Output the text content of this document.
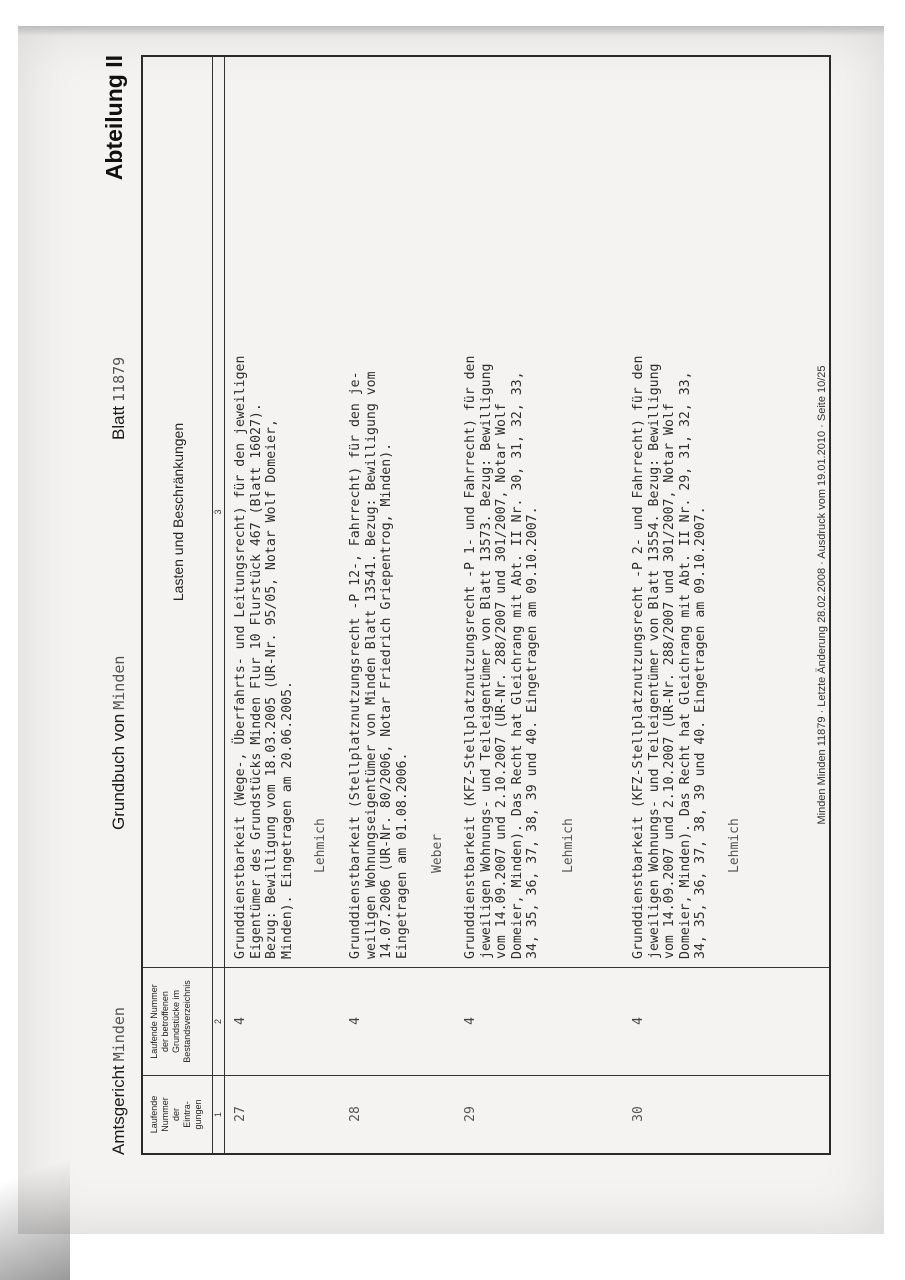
AmtsgerichtMinden
Grundbuch vonMinden
Blatt11879
Abteilung II
Laufende Nummer der Eintra- gungen
Laufende Nummer der betroffenen Grundstücke im Bestandsverzeichnis
Lasten und Beschränkungen
1
2
3
27
4
Grunddienstbarkeit (Wege-, Überfahrts- und Leitungsrecht) für den jeweiligen Eigentümer des Grundstücks Minden Flur 10 Flurstück 467 (Blatt 16027). Bezug: Bewilligung vom 18.03.2005 (UR-Nr. 95/05, Notar Wolf Domeier, Minden). Eingetragen am 20.06.2005. Lehmich
28
4
Grunddienstbarkeit (Stellplatznutzungsrecht -P 12-, Fahrrecht) für den je- weiligen Wohnungseigentümer von Minden Blatt 13541. Bezug: Bewilligung vom 14.07.2006 (UR-Nr. 80/2006, Notar Friedrich Griepentrog, Minden). Eingetragen am 01.08.2006. Weber
29
4
Grunddienstbarkeit (KFZ-Stellplatznutzungsrecht -P 1- und Fahrrecht) für den jeweiligen Wohnungs- und Teileigentümer von Blatt 13573. Bezug: Bewilligung vom 14.09.2007 und 2.10.2007 (UR-Nr. 288/2007 und 301/2007, Notar Wolf Domeier, Minden). Das Recht hat Gleichrang mit Abt. II Nr. 30, 31, 32, 33, 34, 35, 36, 37, 38, 39 und 40. Eingetragen am 09.10.2007. Lehmich
30
4
Grunddienstbarkeit (KFZ-Stellplatznutzungsrecht -P 2- und Fahrrecht) für den jeweiligen Wohnungs- und Teileigentümer von Blatt 13554. Bezug: Bewilligung vom 14.09.2007 und 2.10.2007 (UR-Nr. 288/2007 und 301/2007, Notar Wolf Domeier, Minden). Das Recht hat Gleichrang mit Abt. II Nr. 29, 31, 32, 33, 34, 35, 36, 37, 38, 39 und 40. Eingetragen am 09.10.2007. Lehmich
Minden Minden 11879 · Letzte Änderung 28.02.2008 · Ausdruck vom 19.01.2010 · Seite 10/25
